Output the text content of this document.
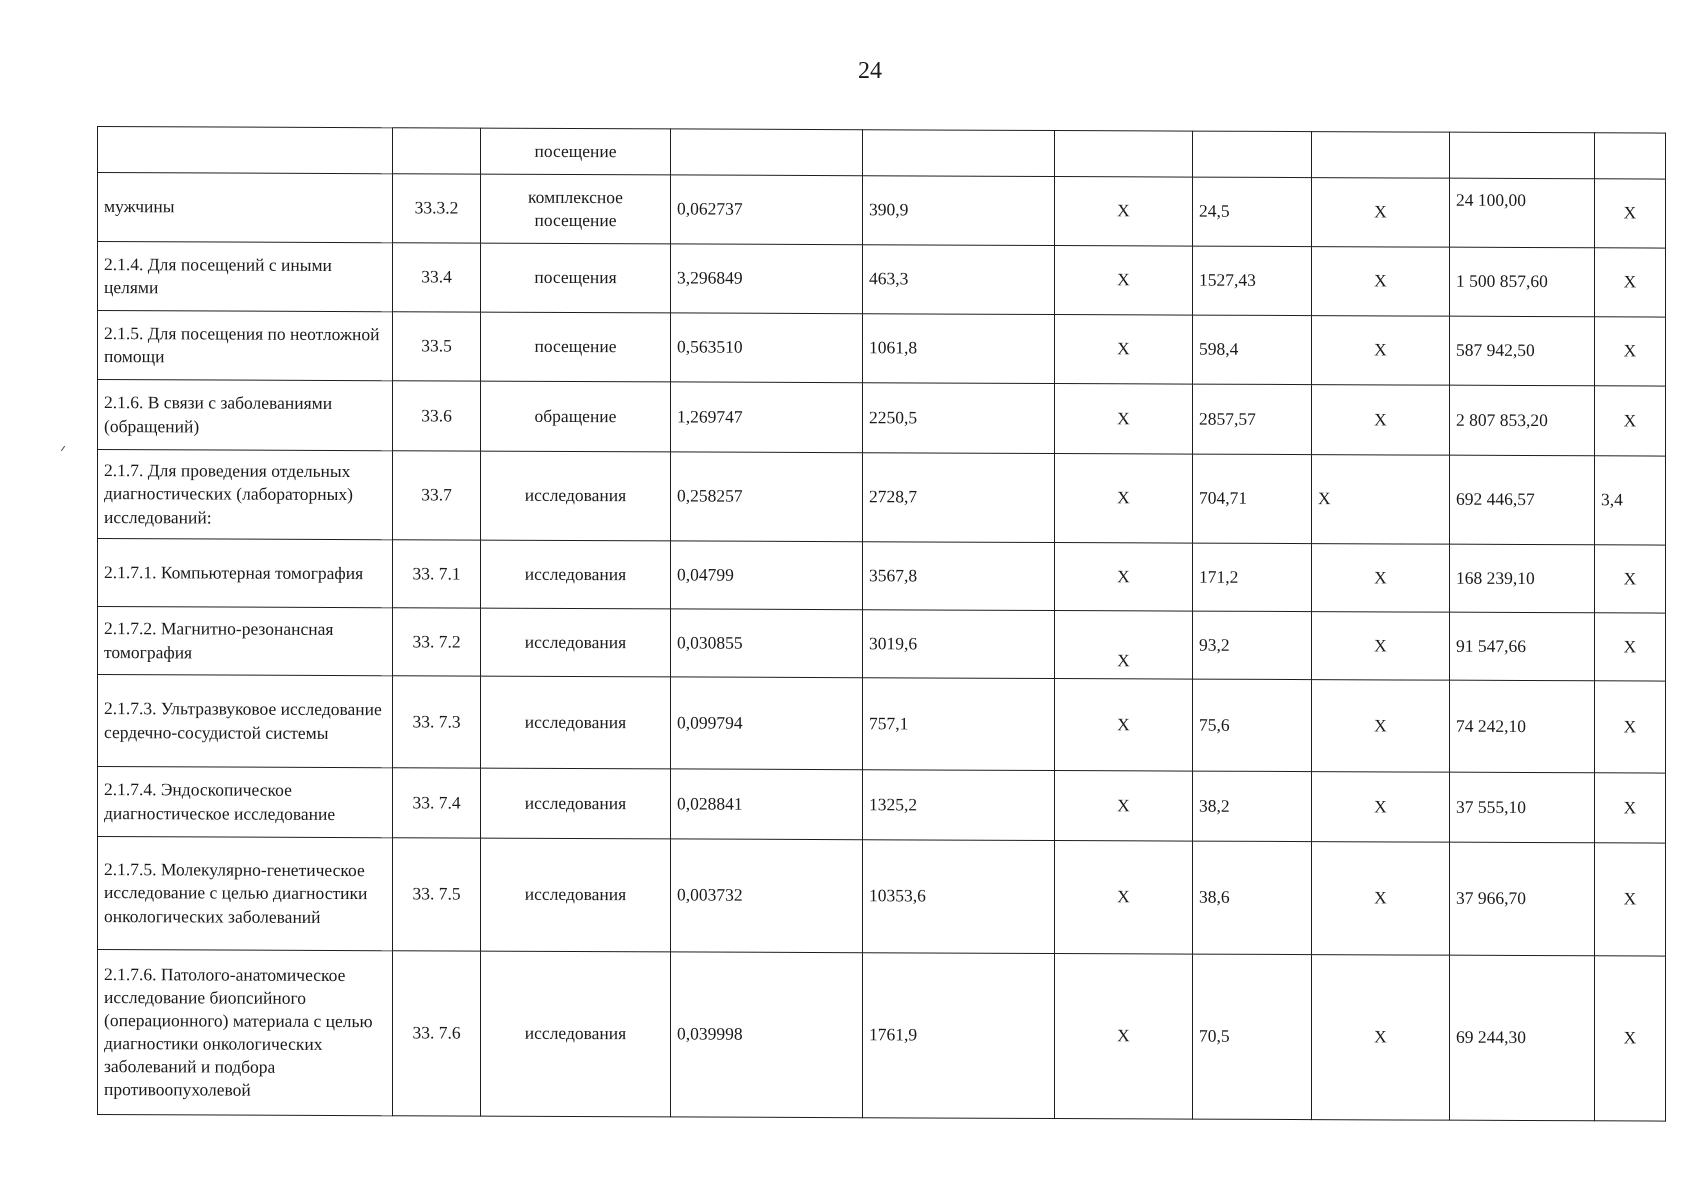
24
		посещение							
мужчины	33.3.2	комплексное посещение	0,062737	390,9	Х	24,5	Х	24 100,00	Х
2.1.4. Для посещений с иными целями	33.4	посещения	3,296849	463,3	Х	1527,43	Х	1 500 857,60	Х
2.1.5. Для посещения по неотложной помощи	33.5	посещение	0,563510	1061,8	Х	598,4	Х	587 942,50	Х
2.1.6. В связи с заболеваниями (обращений)	33.6	обращение	1,269747	2250,5	Х	2857,57	Х	2 807 853,20	Х
2.1.7. Для проведения отдельных диагностических (лабораторных) исследований:	33.7	исследования	0,258257	2728,7	Х	704,71	Х	692 446,57	3,4
2.1.7.1. Компьютерная томография	33. 7.1	исследования	0,04799	3567,8	Х	171,2	Х	168 239,10	Х
2.1.7.2. Магнитно-резонансная томография	33. 7.2	исследования	0,030855	3019,6	Х	93,2	Х	91 547,66	Х
2.1.7.3. Ультразвуковое исследование сердечно-сосудистой системы	33. 7.3	исследования	0,099794	757,1	Х	75,6	Х	74 242,10	Х
2.1.7.4. Эндоскопическое диагностическое исследование	33. 7.4	исследования	0,028841	1325,2	Х	38,2	Х	37 555,10	Х
2.1.7.5. Молекулярно-генетическое исследование с целью диагностики онкологических заболеваний	33. 7.5	исследования	0,003732	10353,6	Х	38,6	Х	37 966,70	Х
2.1.7.6. Патолого-анатомическое исследование биопсийного (операционного) материала с целью диагностики онкологических заболеваний и подбора противоопухолевой	33. 7.6	исследования	0,039998	1761,9	Х	70,5	Х	69 244,30	Х
